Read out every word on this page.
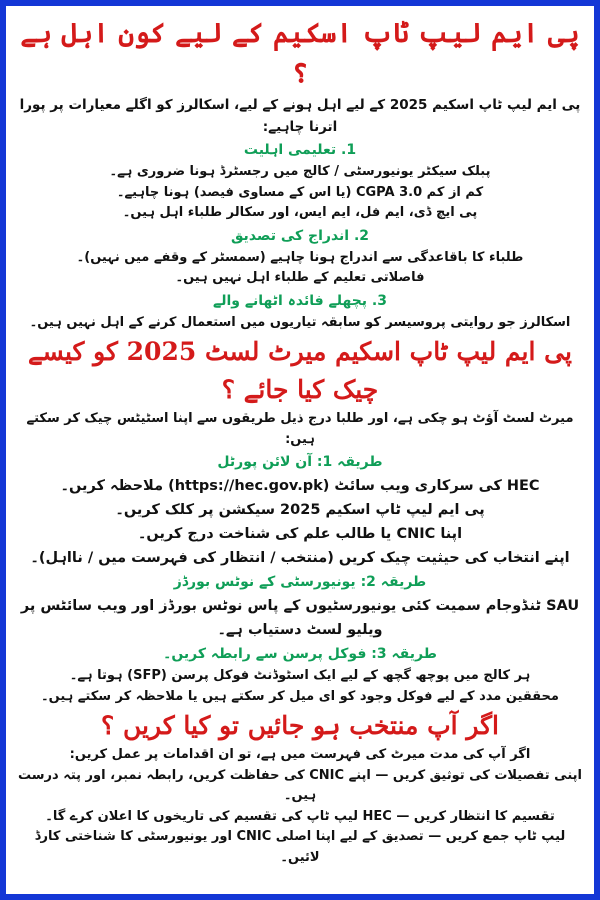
پی ایم لیپ ٹاپ اسکیم کے لیے کون اہل ہے ؟

پی ایم لیپ ٹاپ اسکیم 2025 کے لیے اہل ہونے کے لیے، اسکالرز کو اگلے معیارات پر پورا اترنا چاہیے:

1. تعلیمی اہلیت

پبلک سیکٹر یونیورسٹی / کالج میں رجسٹرڈ ہونا ضروری ہے۔

کم از کم CGPA 3.0 (یا اس کے مساوی فیصد) ہونا چاہیے۔

پی ایچ ڈی، ایم فل، ایم ایس، اور سکالر طلباء اہل ہیں۔

2. اندراج کی تصدیق

طلباء کا باقاعدگی سے اندراج ہونا چاہیے (سمسٹر کے وقفے میں نہیں)۔

فاصلاتی تعلیم کے طلباء اہل نہیں ہیں۔

3. پچھلے فائدہ اٹھانے والے

اسکالرز جو روایتی پروسیسر کو سابقہ تیاریوں میں استعمال کرنے کے اہل نہیں ہیں۔

پی ایم لیپ ٹاپ اسکیم میرٹ لسٹ 2025 کو کیسے چیک کیا جائے ؟

میرٹ لسٹ آؤٹ ہو چکی ہے، اور طلبا درج ذیل طریقوں سے اپنا اسٹیٹس چیک کر سکتے ہیں:

طریقہ 1: آن لائن پورٹل

HEC کی سرکاری ویب سائٹ (https://hec.gov.pk) ملاحظہ کریں۔

پی ایم لیپ ٹاپ اسکیم 2025 سیکشن پر کلک کریں۔

اپنا CNIC یا طالب علم کی شناخت درج کریں۔

اپنے انتخاب کی حیثیت چیک کریں (منتخب / انتظار کی فہرست میں / نااہل)۔

طریقہ 2: یونیورسٹی کے نوٹس بورڈز

SAU ٹنڈوجام سمیت کئی یونیورسٹیوں کے پاس نوٹس بورڈز اور ویب سائٹس پر ویلیو لسٹ دستیاب ہے۔

طریقہ 3: فوکل پرسن سے رابطہ کریں۔

ہر کالج میں پوچھ گچھ کے لیے ایک اسٹوڈنٹ فوکل پرسن (SFP) ہوتا ہے۔

محققین مدد کے لیے فوکل وجود کو ای میل کر سکتے ہیں یا ملاحظہ کر سکتے ہیں۔

اگر آپ منتخب ہو جائیں تو کیا کریں ؟

اگر آپ کی مدت میرٹ کی فہرست میں ہے، تو ان اقدامات پر عمل کریں:

اپنی تفصیلات کی توثیق کریں — اپنے CNIC کی حفاظت کریں، رابطہ نمبر، اور پتہ درست ہیں۔

تقسیم کا انتظار کریں — HEC لیپ ٹاپ کی تقسیم کی تاریخوں کا اعلان کرے گا۔

لیپ ٹاپ جمع کریں — تصدیق کے لیے اپنا اصلی CNIC اور یونیورسٹی کا شناختی کارڈ لائیں۔
